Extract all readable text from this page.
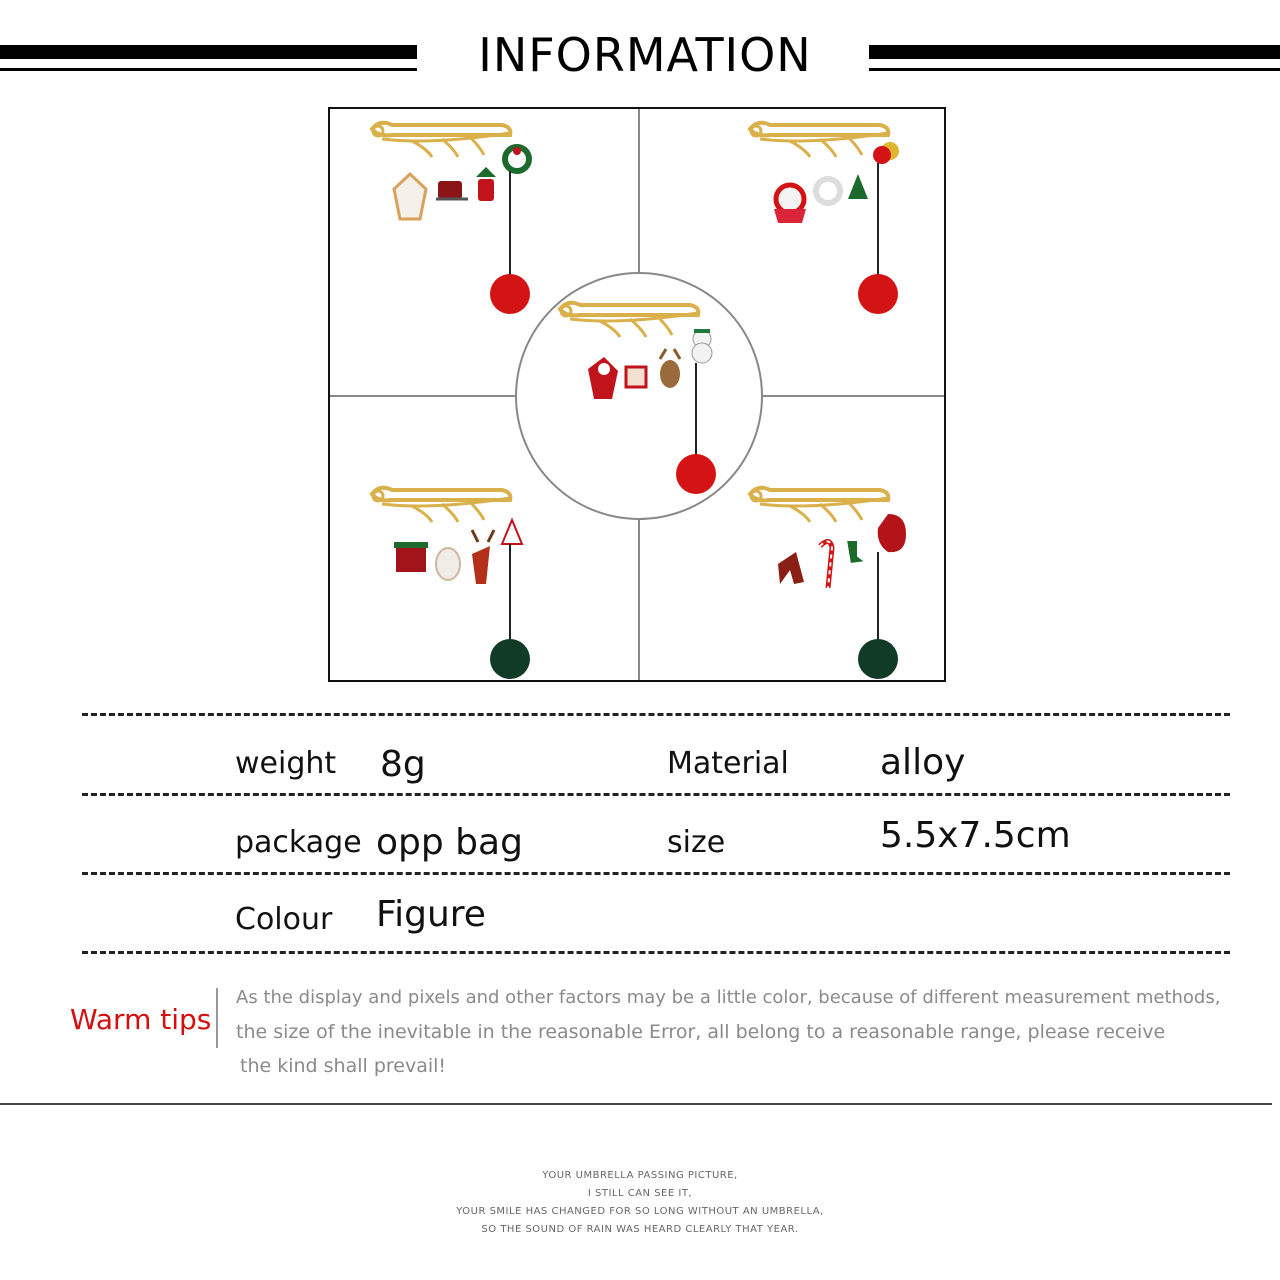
INFORMATION
weight 8g	Material	alloy
package opp bag	size	5.5x7.5cm
Colour Figure
Warm tips
As the display and pixels and other factors may be a little color, because of different measurement methods,
the size of the inevitable in the reasonable Error, all belong to a reasonable range, please receive
the kind shall prevail!
YOUR UMBRELLA PASSING PICTURE,
I STILL CAN SEE IT,
YOUR SMILE HAS CHANGED FOR SO LONG WITHOUT AN UMBRELLA,
SO THE SOUND OF RAIN WAS HEARD CLEARLY THAT YEAR.
